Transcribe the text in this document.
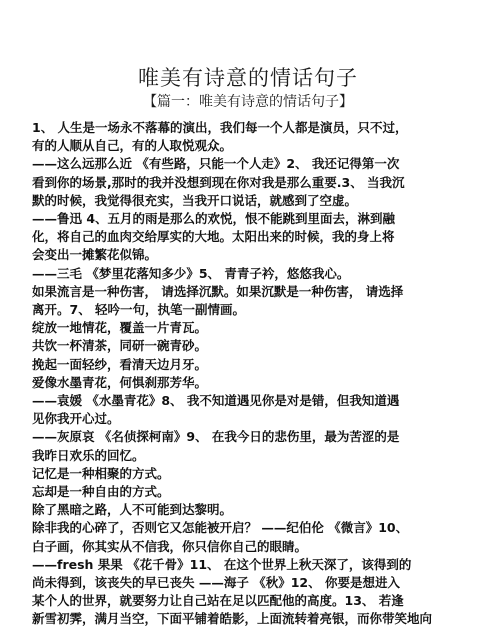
唯美有诗意的情话句子
【篇一：唯美有诗意的情话句子】
1、 人生是一场永不落幕的演出，我们每一个人都是演员，只不过，
有的人顺从自己，有的人取悦观众。
——这么远那么近 《有些路，只能一个人走》2、 我还记得第一次
看到你的场景,那时的我并没想到现在你对我是那么重要.3、 当我沉
默的时候，我觉得很充实，当我开口说话，就感到了空虚。
——鲁迅 4、五月的雨是那么的欢悦，恨不能跳到里面去，淋到融
化，将自己的血肉交给厚实的大地。太阳出来的时候，我的身上将
会变出一摊繁花似锦。
——三毛 《梦里花落知多少》5、 青青子衿，悠悠我心。
如果流言是一种伤害， 请选择沉默。如果沉默是一种伤害， 请选择
离开。7、 轻吟一句，执笔一副情画。
绽放一地情花，覆盖一片青瓦。
共饮一杯清茶，同研一碗青砂。
挽起一面轻纱，看清天边月牙。
爱像水墨青花，何惧刹那芳华。
——袁媛 《水墨青花》8、 我不知道遇见你是对是错，但我知道遇
见你我开心过。
——灰原哀 《名侦探柯南》9、 在我今日的悲伤里，最为苦涩的是
我昨日欢乐的回忆。
记忆是一种相聚的方式。
忘却是一种自由的方式。
除了黑暗之路，人不可能到达黎明。
除非我的心碎了，否则它又怎能被开启？ ——纪伯伦 《微言》10、
白子画，你其实从不信我，你只信你自己的眼睛。
——fresh 果果 《花千骨》11、 在这个世界上秋天深了，该得到的
尚未得到，该丧失的早已丧失 ——海子 《秋》12、 你要是想进入
某个人的世界，就要努力让自己站在足以匹配他的高度。13、 若逢
新雪初霁，满月当空，下面平铺着皓影，上面流转着亮银，而你带笑地向
